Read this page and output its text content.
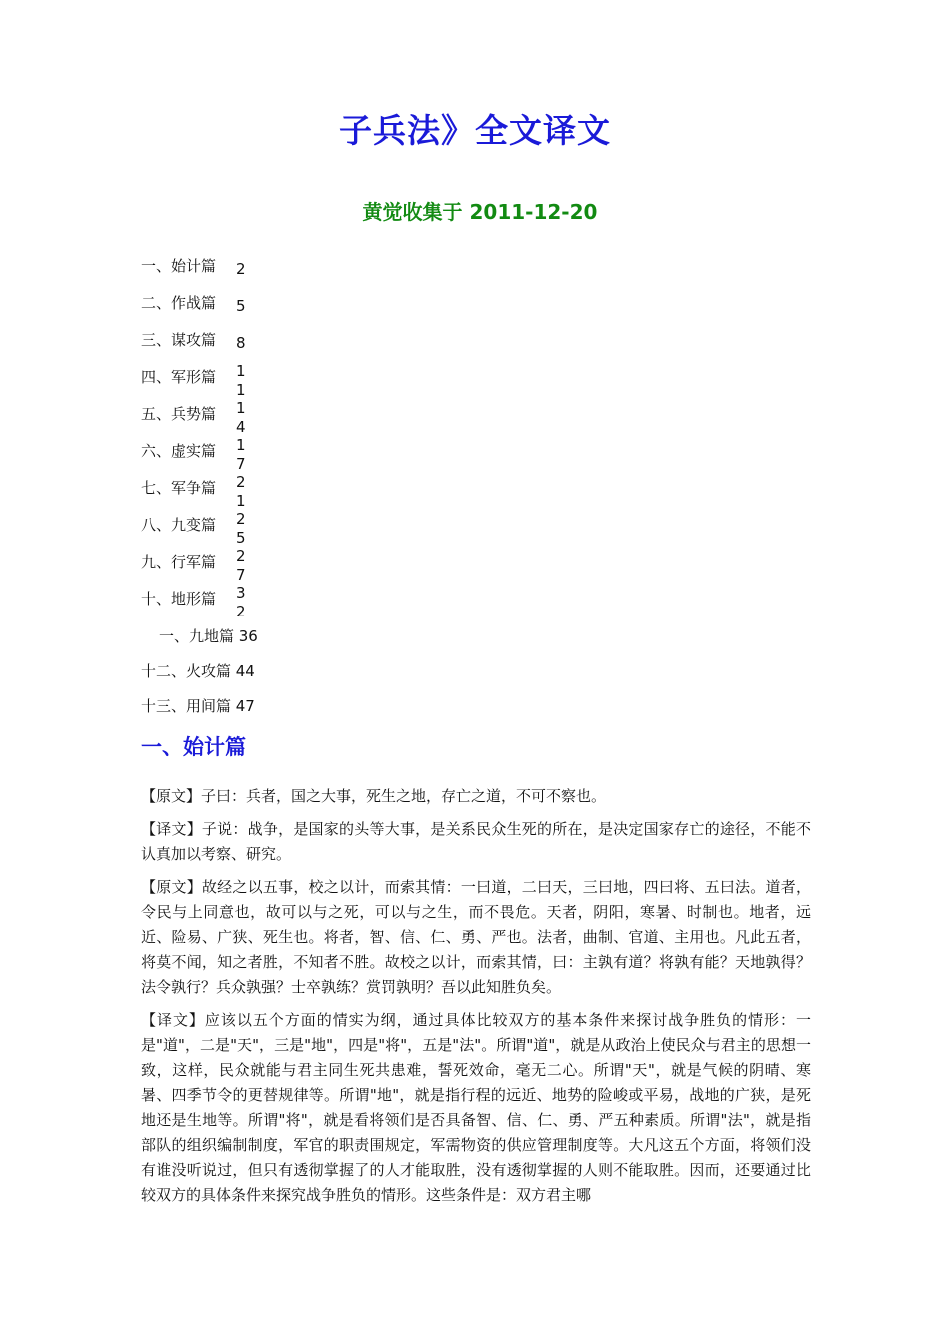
子兵法》全文译文
黄觉收集于 2011-12-20
一、始计篇 2
二、作战篇 5
三、谋攻篇 8
四、军形篇 11
五、兵势篇 14
六、虚实篇 17
七、军争篇 21
八、九变篇 25
九、行军篇 27
十、地形篇 32
一、九地篇 36
十二、火攻篇 44
十三、用间篇 47
一、始计篇

【原文】子曰：兵者，国之大事，死生之地，存亡之道，不可不察也。

【译文】子说：战争，是国家的头等大事，是关系民众生死的所在，是决定国家存亡的途径，不能不认真加以考察、研究。

【原文】故经之以五事，校之以计，而索其情：一曰道，二曰天，三曰地，四曰将、五曰法。道者，令民与上同意也，故可以与之死，可以与之生，而不畏危。天者，阴阳，寒暑、时制也。地者，远近、险易、广狭、死生也。将者，智、信、仁、勇、严也。法者，曲制、官道、主用也。凡此五者，将莫不闻，知之者胜，不知者不胜。故校之以计，而索其情，曰：主孰有道？将孰有能？天地孰得？法令孰行？兵众孰强？士卒孰练？赏罚孰明？吾以此知胜负矣。

【译文】应该以五个方面的情实为纲，通过具体比较双方的基本条件来探讨战争胜负的情形：一是"道"，二是"天"，三是"地"，四是"将"，五是"法"。所谓"道"，就是从政治上使民众与君主的思想一致，这样，民众就能与君主同生死共患难，誓死效命，毫无二心。所谓"天"，就是气候的阴晴、寒暑、四季节令的更替规律等。所谓"地"，就是指行程的远近、地势的险峻或平易，战地的广狭，是死地还是生地等。所谓"将"，就是看将领们是否具备智、信、仁、勇、严五种素质。所谓"法"，就是指部队的组织编制制度，军官的职责围规定，军需物资的供应管理制度等。大凡这五个方面，将领们没有谁没听说过，但只有透彻掌握了的人才能取胜，没有透彻掌握的人则不能取胜。因而，还要通过比较双方的具体条件来探究战争胜负的情形。这些条件是：双方君主哪
